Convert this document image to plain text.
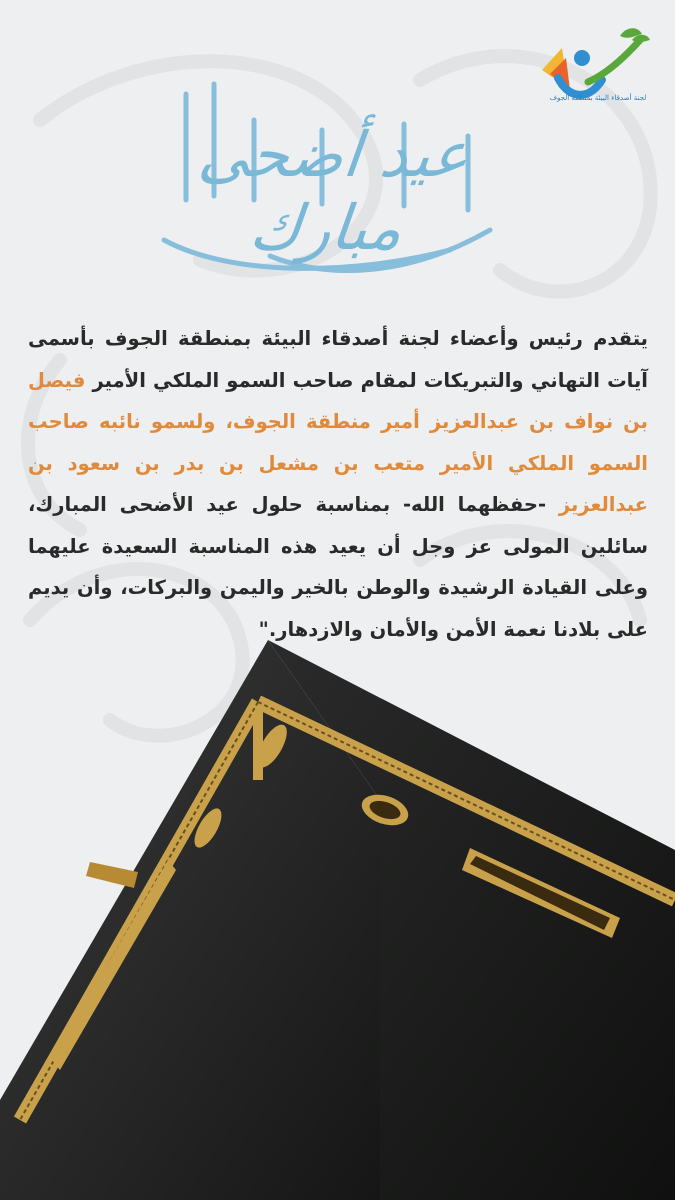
لجنة أصدقاء البيئة بمنطقة الجوف
عيد أضحى مبارك
يتقدم رئيس وأعضاء لجنة أصدقاء البيئة بمنطقة الجوف بأسمى آيات التهاني والتبريكات لمقام صاحب السمو الملكي الأمير فيصل بن نواف بن عبدالعزيز أمير منطقة الجوف، ولسمو نائبه صاحب السمو الملكي الأمير متعب بن مشعل بن بدر بن سعود بن عبدالعزيز -حفظهما الله- بمناسبة حلول عيد الأضحى المبارك، سائلين المولى عز وجل أن يعيد هذه المناسبة السعيدة عليهما وعلى القيادة الرشيدة والوطن بالخير واليمن والبركات، وأن يديم على بلادنا نعمة الأمن والأمان والازدهار."
